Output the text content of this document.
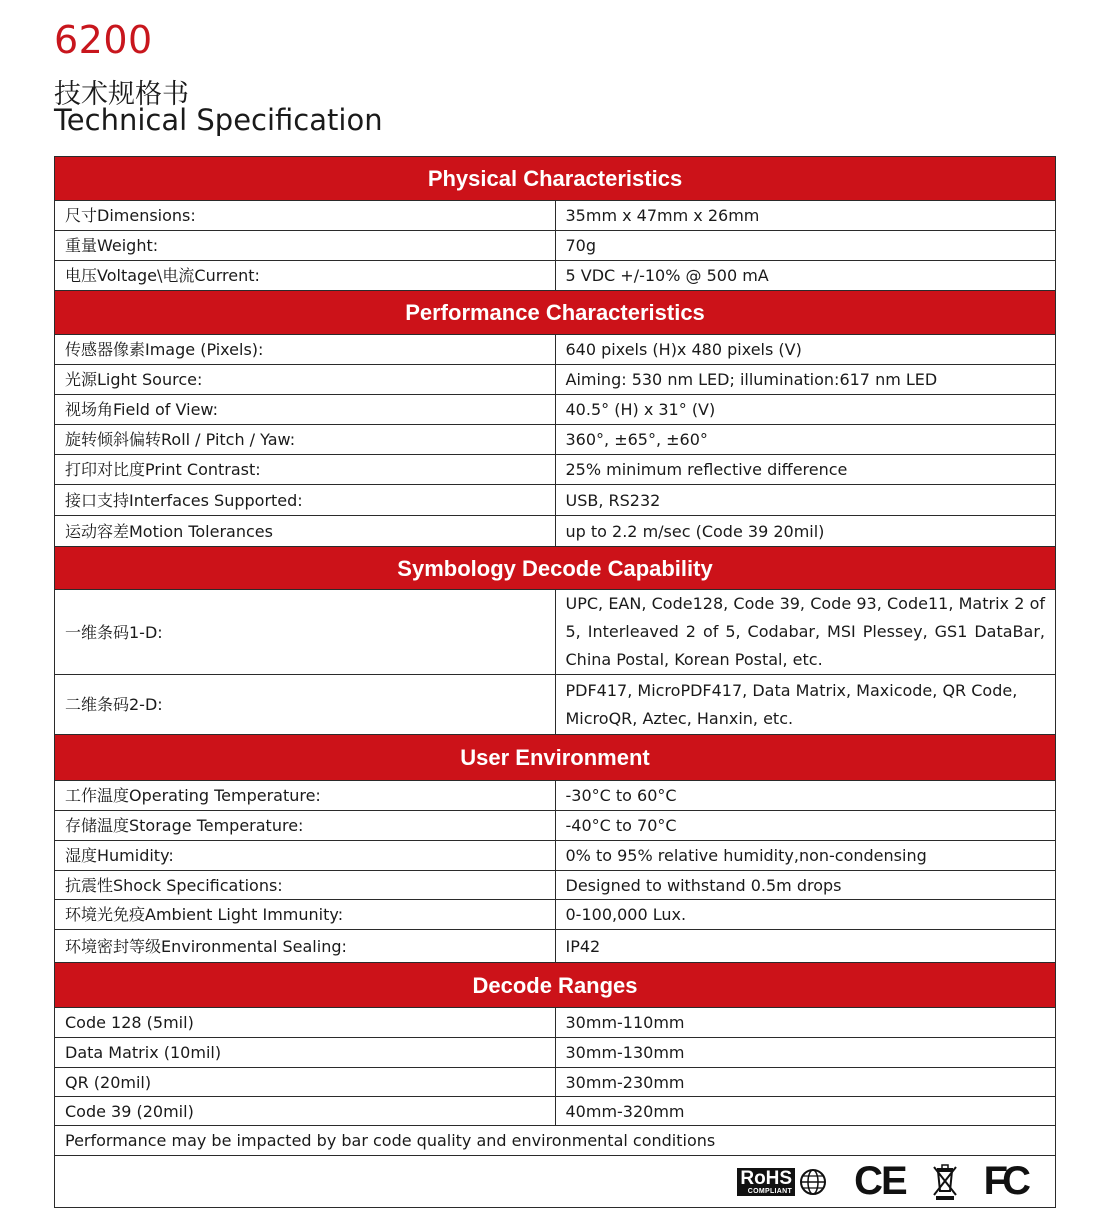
6200
技术规格书
Technical Specification
Physical Characteristics	
尺寸Dimensions:	35mm x 47mm x 26mm
重量Weight:	70g
电压Voltage\电流Current:	5 VDC +/-10% @ 500 mA
Performance Characteristics	
传感器像素Image (Pixels):	640 pixels (H)x 480 pixels (V)
光源Light Source:	Aiming: 530 nm LED; illumination:617 nm LED
视场角Field of View:	40.5° (H) x 31° (V)
旋转倾斜偏转Roll / Pitch / Yaw:	360°, ±65°, ±60°
打印对比度Print Contrast:	25% minimum reflective difference
接口支持Interfaces Supported:	USB, RS232
运动容差Motion Tolerances	up to 2.2 m/sec (Code 39 20mil)
Symbology Decode Capability	
一维条码1-D:	UPC, EAN, Code128, Code 39, Code 93, Code11, Matrix 2 of 5, Interleaved 2 of 5, Codabar, MSI Plessey, GS1 DataBar, China Postal, Korean Postal, etc.
二维条码2-D:	PDF417, MicroPDF417, Data Matrix, Maxicode, QR Code, MicroQR, Aztec, Hanxin, etc.
User Environment	
工作温度Operating Temperature:	-30°C to 60°C
存储温度Storage Temperature:	-40°C to 70°C
湿度Humidity:	0% to 95% relative humidity,non-condensing
抗震性Shock Specifications:	Designed to withstand 0.5m drops
环境光免疫Ambient Light Immunity:	0-100,000 Lux.
环境密封等级Environmental Sealing:	IP42
Decode Ranges	
Code 128 (5mil)	30mm-110mm
Data Matrix (10mil)	30mm-130mm
QR (20mil)	30mm-230mm
Code 39 (20mil)	40mm-320mm
Performance may be impacted by bar code quality and environmental conditions	

RoHS
COMPLIANT CE FC	
